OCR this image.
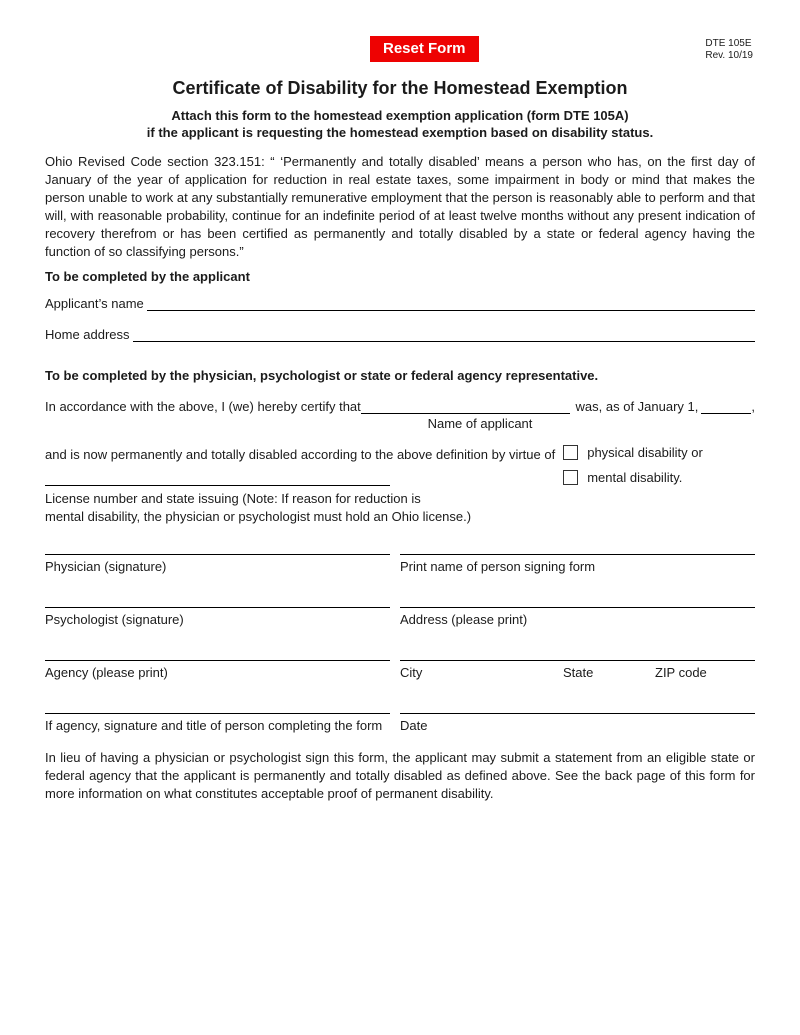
Reset Form	DTE 105E
Rev. 10/19
Certificate of Disability for the Homestead Exemption
Attach this form to the homestead exemption application (form DTE 105A)
if the applicant is requesting the homestead exemption based on disability status.

Ohio Revised Code section 323.151: “ ‘Permanently and totally disabled’ means a person who has, on the first day of January of the year of application for reduction in real estate taxes, some impairment in body or mind that makes the person unable to work at any substantially remunerative employment that the person is reasonably able to perform and that will, with reasonable probability, continue for an indefinite period of at least twelve months without any present indication of recovery therefrom or has been certified as permanently and totally disabled by a state or federal agency having the function of so classifying persons.”

To be completed by the applicant
Applicant’s name
Home address
To be completed by the physician, psychologist or state or federal agency representative.
In accordance with the above, I (we) hereby certify that	was, as of January 1,	,
Name of applicant
and is now permanently and totally disabled according to the above definition by virtue of physical disability or
mental disability.
License number and state issuing (Note: If reason for reduction is
mental disability, the physician or psychologist must hold an Ohio license.)
Physician (signature)	Print name of person signing form
Psychologist (signature)	Address (please print)
Agency (please print)	City	State	ZIP code
If agency, signature and title of person completing the form	Date

In lieu of having a physician or psychologist sign this form, the applicant may submit a statement from an eligible state or federal agency that the applicant is permanently and totally disabled as defined above. See the back page of this form for more information on what constitutes acceptable proof of permanent disability.
